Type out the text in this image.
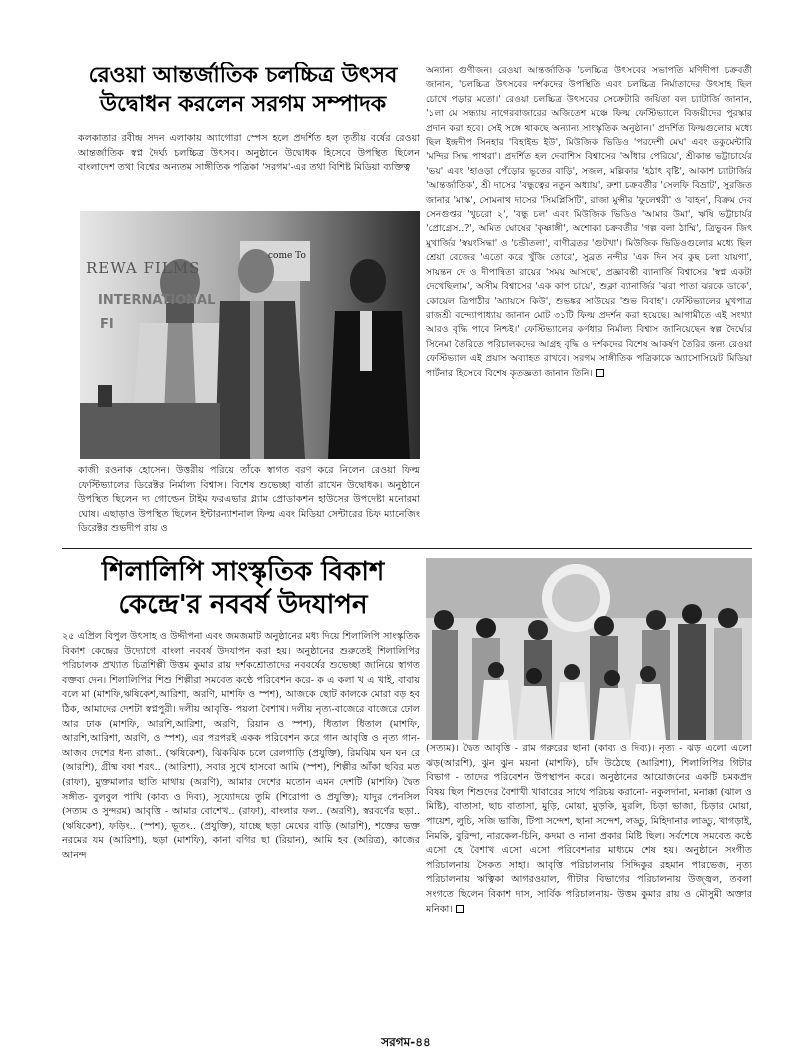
রেওয়া আন্তর্জাতিক চলচ্চিত্র উৎসব
উদ্বোধন করলেন সরগম সম্পাদক
কলকাতার রবীন্দ্র সদন এলাকায় অ্যাগোরা স্পেস হলে প্রদর্শিত হল তৃতীয় বর্ষের রেওয়া আন্তর্জাতিক স্বপ্ন দৈর্ঘ্য চলচ্চিত্র উৎসব। অনুষ্ঠানে উদ্বোধক হিসেবে উপস্থিত ছিলেন বাংলাদেশ তথা বিশ্বের অন্যতম সাঙ্গীতিক পত্রিকা 'সরগম'-এর তথা বিশিষ্ট মিডিয়া ব্যক্তিত্ব
REWA FILMS
INTERNATIONAL
FI
come To
কাজী রওনাক হোসেন। উত্তরীয় পরিয়ে তাঁকে স্বাগত বরণ করে নিলেন রেওয়া ফিল্ম ফেস্টিভ্যালের ডিরেক্টর নির্মাল্য বিশ্বাস। বিশেষ শুভেচ্ছা বার্তা রাখেন উদ্বোধক। অনুষ্ঠানে উপস্থিত ছিলেন দ্য গোল্ডেন টাইম ফরএভার গ্ল্যাম প্রোডাকশন হাউসের উপদেষ্টা মনোরমা ঘোষ। এছাড়াও উপস্থিত ছিলেন ইন্টারন্যাশনাল ফিল্ম এবং মিডিয়া সেন্টারের চিফ ম্যানেজিং ডিরেক্টর শুভদীপ রায় ও
অন্যান্য গুণীজন। রেওয়া আন্তর্জাতিক 'চলচ্চিত্র উৎসবের সভাপতি মণিদীপা চক্রবর্তী জানান, 'চলচ্চিত্র উৎসবের দর্শকদের উপস্থিতি এবং চলচ্চিত্র নির্মাতাদের উৎসাহ ছিল চোখে পড়ার মতো।' রেওয়া চলচ্চিত্র উৎসবের সেক্রেটারি জয়িতা বল চ্যাটার্জি জানান, '১লা মে সন্ধ্যায় নাগেরবাজারের অজিতেশ মঞ্চে ফিল্ম ফেস্টিভ্যালে বিজয়ীদের পুরস্কার প্রদান করা হবে। সেই সঙ্গে থাকছে অন্যান্য সাংস্কৃতিক অনুষ্ঠান।' প্রদর্শিত ফিল্মগুলোর মধ্যে ছিল ইন্দ্রদীপ সিনহার 'বিহাইন্ড ইউ', মিউজিক ভিডিও 'পরদেশী মেঘ' এবং ডকুমেন্টারি 'মন্দির সিদ্ধ পাথরা'। প্রদর্শিত হল দেবাশিস বিশ্বাসের 'আঁধার পেরিয়ে', শ্রীকান্ত ভট্টাচার্যের 'ভয়' এবং 'হাওড়া পেঁড়োর ভূতের বাড়ি', সজল, মল্লিকার 'হঠাৎ বৃষ্টি', আকাশ চ্যাটার্জির 'আন্তর্জাতিক', শ্রী দাসের 'বন্ধুত্বের নতুন অধ্যায়', রুশা চক্রবর্তীর 'সেলফি বিভ্রাট', সুরজিত জানার 'মাস্ক', সোমনাথ দাসের 'সিমপ্লিসিটি', রাজা মুন্সীর 'ফুলেশ্বরী' ও 'বাহন', বিক্রম দেব সেনগুপ্তর 'খুচরো ২', 'বন্ধু চল' এবং মিউজিক ভিডিও 'আমার উমা', ঋষি ভট্টাচার্যর 'প্রোগ্রেস..?', অমিত ঘোষের 'কৃষ্ণাঙ্গী', অশোকা চক্রবর্তীর 'গল্প বলা ঠাম্মি', ত্রিভুবন জিৎ মুখার্জির 'স্বয়ংসিদ্ধা' ও 'চন্ডীতলা', বাণীব্রতর 'গুটখা'। মিউজিক ভিডিওগুলোর মধ্যে ছিল শ্রেয়া বেজের 'এতো করে খুঁজি তোরে', সুব্রত নন্দীর 'এক দিন সব কুছ চলা যায়গা', সায়ন্তন দে ও দীপান্বিতা রায়ের 'সময় আসছে', প্রজ্ঞাবন্তী ব্যানার্জি বিশ্বাসের 'স্বপ্ন একটা দেখেছিলাম', অসীম বিশ্বাসের 'এক কাপ চায়ে', শুক্লা ব্যানার্জির 'ঝরা পাতা ঝরকে ডাকে', কোয়েল ত্রিপাঠীর 'অ্যায়সে কিউ', শুভঙ্কর সাউয়ের 'শুভ বিবাহ'। ফেস্টিভ্যালের মুখপাত্র রাজশ্রী বন্দ্যোপাধ্যায় জানান মোট ৩১টি ফিল্ম প্রদর্শন করা হয়েছে। আগামীতে এই সংখ্যা আরও বৃদ্ধি পাবে নিশ্চই।' ফেস্টিভ্যালের কর্ণধার নির্মাল্য বিশ্বাস জানিয়েছেন স্বল্প দৈর্ঘ্যের সিনেমা তৈরিতে পরিচালকদের আগ্রহ বৃদ্ধি ও দর্শকদের বিশেষ আকর্ষণ তৈরির জন্য রেওয়া ফেস্টিভ্যাল এই প্রয়াস অব্যাহত রাখবে। সরগম সাঙ্গীতিক পত্রিকাকে অ্যাসোসিয়েট মিডিয়া পার্টনার হিসেবে বিশেষ কৃতজ্ঞতা জানান তিনি।
শিলালিপি সাংস্কৃতিক বিকাশ
কেন্দ্রে'র নববর্ষ উদযাপন
২৫ এপ্রিল বিপুল উৎসাহ ও উদ্দীপনা এবং জমজমাট অনুষ্ঠানের মধ্য দিয়ে শিলালিপি সাংস্কৃতিক বিকাশ কেন্দ্রের উদ্যোগে বাংলা নববর্ষ উদযাপন করা হয়। অনুষ্ঠানের শুরুতেই শিলালিপির পরিচালক প্রখ্যাত চিত্রশিল্পী উত্তম কুমার রায় দর্শকশ্রোতাদের নববর্ষের শুভেচ্ছা জানিয়ে স্বাগত বক্তব্য দেন। শিলালিপির শিশু শিল্পীরা সমবেত কণ্ঠে পরিবেশন করে- ক এ কলা খ এ খাই, বাবায় বলে মা (মাশফি,ঋষিকেশ,আরিশা, অরণি, মাশফি ও স্পশ), আজকে ছোট কালকে মোরা বড় হব ঠিক, আমাদের দেশটা স্বপ্নপুরী। দলীয় আবৃত্তি- পয়লা বৈশাখ। দলীয় নৃত্য-বাজেরে বাজেরে ঢোল আর ঢাক (মাশফি, আরশি,আরিশা, অরণি, রিয়ান ও স্পশ), ধিতাল ধিতাল (মাশফি, আরশি,আরিশা, অরণি, ও স্পশ), এর পরপরই একক পরিবেশন করে গান আবৃত্তি ও নৃত্য গান- আজব দেশের ধন্য রাজা.. (ঋষিকেশ), ঝিকঝিক চলে রেলগাড়ি (প্রযুক্তি), রিমঝিম ঘন ঘন রে (আরশি), গ্রীষ্ম বষা শরৎ.. (আরিশা), সবার সুখে হাসবো আমি (স্পশ), শিল্পীর আঁকা ছবির মত (রাফা), মুক্তমালার ছাতি মাথায় (অরণি), আমার দেশের মতোন এমন দেশটি (মাশফি) দ্বৈত সঙ্গীত- বুলবুল পাখি (কাব্য ও দিব্য), সূয্যোদয়ে তুমি (শিরোপা ও প্রযুক্তি); যাদুর পেনসিল (সত্যম ও সুন্দরম) আবৃত্তি - আমার বোশেখ.. (রাফা), বাংলার ফল.. (অরণি), স্বরবর্ণের ছড়া..(ঋষিকেশ), ফড়িং.. (স্পশ), ভূতং.. (প্রযুক্তি), যাচ্ছে ছড়া মেঘের বাড়ি (আরশি), শক্তের ভক্ত নরমের যম (আরিশা), ছড়া (মাশফি), কানা বগির ছা (রিয়ান), আমি হব (অরিত্র), কাজের আনন্দ
(সত্যম)। দ্বৈত আবৃত্তি - রাম গরুরের ছানা (কাব্য ও দিব্য)। নৃত্য - ঝড় এলো এলো ঝড়(আরশি), ঝুন ঝুন ময়না (মাশফি), চাঁদ উঠেছে (আরিশা), শিলালিপির গিটার বিভাগ - তাদের পরিবেশন উপস্থাপন করে। অনুষ্ঠানের আয়োজনের একটি চমকপ্রদ বিষয় ছিল শিশুদের বৈশাখী খাবারের সাথে পরিচয় করানো- নকুলদানা, মনাক্কা (ঝাল ও মিষ্টি), বাতাসা, ছাচ বাতাসা, মুড়ি, মোয়া, মুড়কি, মুরলি, চিড়া ভাজা, চিড়ার মোয়া, পায়েশ, লুচি, সজি ভাজি, টিপা সন্দেশ, ছানা সন্দেশ, লড্ডু, মিহিদানার লাড্ডু, খাগড়াই, নিমকি, বুরিন্দা, নারকেল-চিনি, কদমা ও নানা প্রকার মিষ্টি ছিল। সর্বশেষে সমবেত কণ্ঠে এসো হে বৈশাখ এসো এসো পরিবেশনার মাধ্যমে শেষ হয়। অনুষ্ঠানে সংগীত পরিচালনায় সৈকত সাহা। আবৃত্তি পরিচালনায় সিদ্দিকুর রহমান পারভেজ, নৃত্য পরিচালনায় ঋত্বিকা আগরওয়াল, গীটার বিভাগের পরিচালনায় উজ্জ্বল, তবলা সংগতে ছিলেন বিকাশ দাস, সার্বিক পরিচালনায়- উত্তম কুমার রায় ও মৌসুমী অক্তার মনিকা।
সরগম-৪৪
